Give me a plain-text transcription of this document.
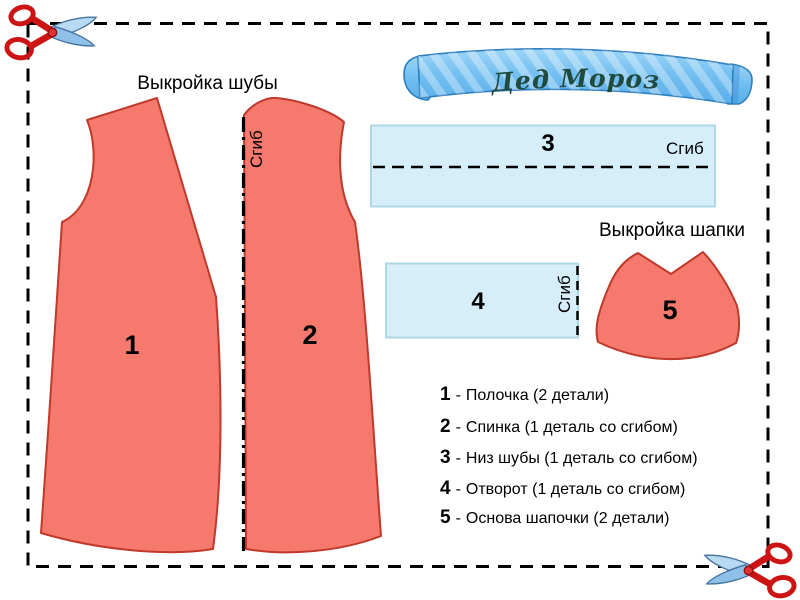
Дед Мороз
Выкройка шубы
Выкройка шапки
1	2
3
4	5
Сгиб	Сгиб
Сгиб
1 - Полочка (2 детали)
2 - Спинка (1 деталь со сгибом)
3 - Низ шубы (1 деталь со сгибом)
4 - Отворот (1 деталь со сгибом)
5 - Основа шапочки (2 детали)
